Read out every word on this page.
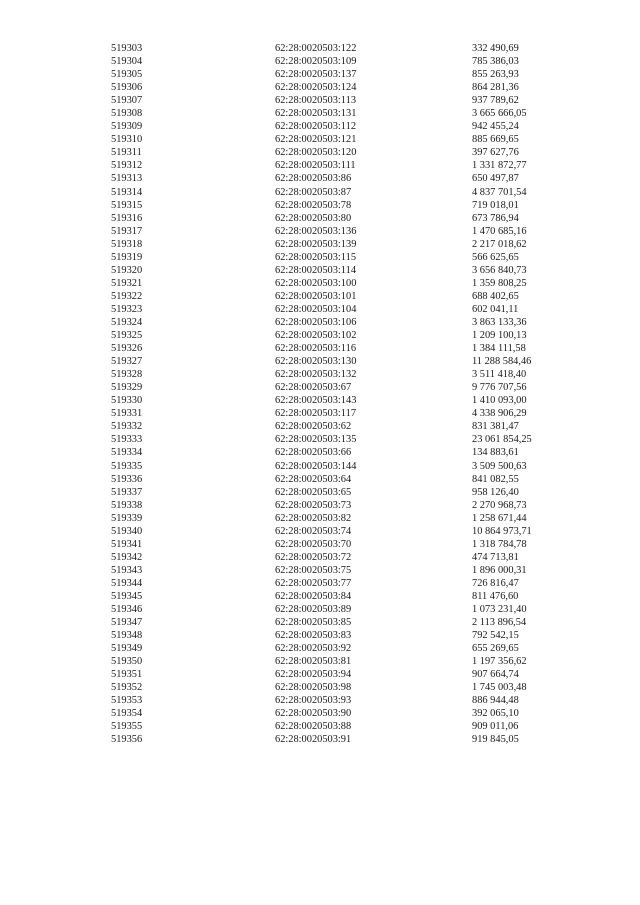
519303	62:28:0020503:122	332 490,69
519304	62:28:0020503:109	785 386,03
519305	62:28:0020503:137	855 263,93
519306	62:28:0020503:124	864 281,36
519307	62:28:0020503:113	937 789,62
519308	62:28:0020503:131	3 665 666,05
519309	62:28:0020503:112	942 455,24
519310	62:28:0020503:121	885 669,65
519311	62:28:0020503:120	397 627,76
519312	62:28:0020503:111	1 331 872,77
519313	62:28:0020503:86	650 497,87
519314	62:28:0020503:87	4 837 701,54
519315	62:28:0020503:78	719 018,01
519316	62:28:0020503:80	673 786,94
519317	62:28:0020503:136	1 470 685,16
519318	62:28:0020503:139	2 217 018,62
519319	62:28:0020503:115	566 625,65
519320	62:28:0020503:114	3 656 840,73
519321	62:28:0020503:100	1 359 808,25
519322	62:28:0020503:101	688 402,65
519323	62:28:0020503:104	602 041,11
519324	62:28:0020503:106	3 863 133,36
519325	62:28:0020503:102	1 209 100,13
519326	62:28:0020503:116	1 384 111,58
519327	62:28:0020503:130	11 288 584,46
519328	62:28:0020503:132	3 511 418,40
519329	62:28:0020503:67	9 776 707,56
519330	62:28:0020503:143	1 410 093,00
519331	62:28:0020503:117	4 338 906,29
519332	62:28:0020503:62	831 381,47
519333	62:28:0020503:135	23 061 854,25
519334	62:28:0020503:66	134 883,61
519335	62:28:0020503:144	3 509 500,63
519336	62:28:0020503:64	841 082,55
519337	62:28:0020503:65	958 126,40
519338	62:28:0020503:73	2 270 968,73
519339	62:28:0020503:82	1 258 671,44
519340	62:28:0020503:74	10 864 973,71
519341	62:28:0020503:70	1 318 784,78
519342	62:28:0020503:72	474 713,81
519343	62:28:0020503:75	1 896 000,31
519344	62:28:0020503:77	726 816,47
519345	62:28:0020503:84	811 476,60
519346	62:28:0020503:89	1 073 231,40
519347	62:28:0020503:85	2 113 896,54
519348	62:28:0020503:83	792 542,15
519349	62:28:0020503:92	655 269,65
519350	62:28:0020503:81	1 197 356,62
519351	62:28:0020503:94	907 664,74
519352	62:28:0020503:98	1 745 003,48
519353	62:28:0020503:93	886 944,48
519354	62:28:0020503:90	392 065,10
519355	62:28:0020503:88	909 011,06
519356	62:28:0020503:91	919 845,05
